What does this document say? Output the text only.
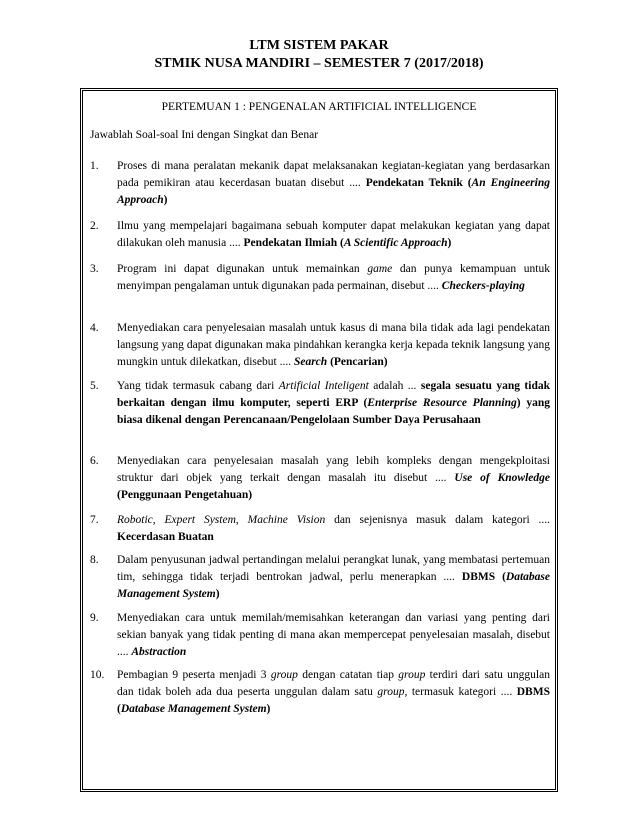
LTM SISTEM PAKAR
STMIK NUSA MANDIRI – SEMESTER 7 (2017/2018)
PERTEMUAN 1 : PENGENALAN ARTIFICIAL INTELLIGENCE
Jawablah Soal-soal Ini dengan Singkat dan Benar
1.	Proses di mana peralatan mekanik dapat melaksanakan kegiatan-kegiatan yang berdasarkan pada pemikiran atau kecerdasan buatan disebut .... Pendekatan Teknik (An Engineering Approach)
2.	Ilmu yang mempelajari bagaimana sebuah komputer dapat melakukan kegiatan yang dapat dilakukan oleh manusia .... Pendekatan Ilmiah (A Scientific Approach)
3.	Program ini dapat digunakan untuk memainkan game dan punya kemampuan untuk menyimpan pengalaman untuk digunakan pada permainan, disebut .... Checkers-playing
4.	Menyediakan cara penyelesaian masalah untuk kasus di mana bila tidak ada lagi pendekatan langsung yang dapat digunakan maka pindahkan kerangka kerja kepada teknik langsung yang mungkin untuk dilekatkan, disebut .... Search (Pencarian)
5.	Yang tidak termasuk cabang dari Artificial Inteligent adalah ... segala sesuatu yang tidak berkaitan dengan ilmu komputer, seperti ERP (Enterprise Resource Planning) yang biasa dikenal dengan Perencanaan/Pengelolaan Sumber Daya Perusahaan
6.	Menyediakan cara penyelesaian masalah yang lebih kompleks dengan mengekploitasi struktur dari objek yang terkait dengan masalah itu disebut .... Use of Knowledge (Penggunaan Pengetahuan)
7.	Robotic, Expert System, Machine Vision dan sejenisnya masuk dalam kategori .... Kecerdasan Buatan
8.	Dalam penyusunan jadwal pertandingan melalui perangkat lunak, yang membatasi pertemuan tim, sehingga tidak terjadi bentrokan jadwal, perlu menerapkan .... DBMS (Database Management System)
9.	Menyediakan cara untuk memilah/memisahkan keterangan dan variasi yang penting dari sekian banyak yang tidak penting di mana akan mempercepat penyelesaian masalah, disebut .... Abstraction
10.	Pembagian 9 peserta menjadi 3 group dengan catatan tiap group terdiri dari satu unggulan dan tidak boleh ada dua peserta unggulan dalam satu group, termasuk kategori .... DBMS (Database Management System)
